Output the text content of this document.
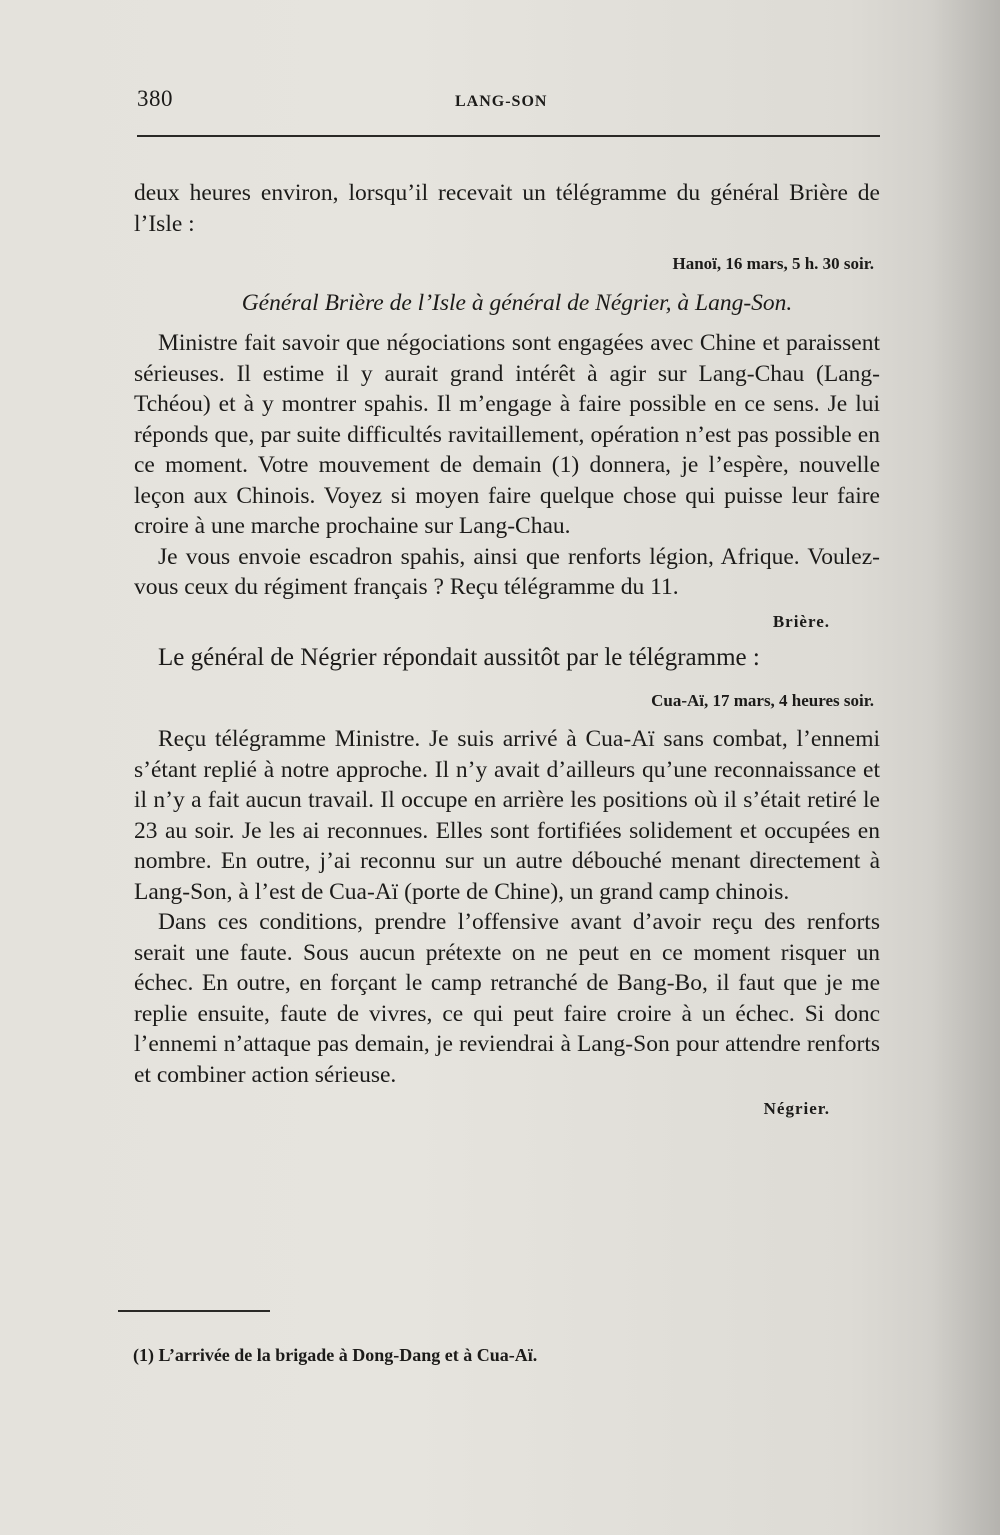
380	LANG-SON

deux heures environ, lorsqu’il recevait un télégramme du général Brière de l’Isle :

Hanoï, 16 mars, 5 h. 30 soir.

Général Brière de l’Isle à général de Négrier, à Lang-Son.

Ministre fait savoir que négociations sont engagées avec Chine et paraissent sérieuses. Il estime il y aurait grand intérêt à agir sur Lang-Chau (Lang-Tchéou) et à y montrer spahis. Il m’engage à faire possible en ce sens. Je lui réponds que, par suite difficultés ravitaillement, opération n’est pas possible en ce moment. Votre mouvement de demain (1) donnera, je l’espère, nouvelle leçon aux Chinois. Voyez si moyen faire quelque chose qui puisse leur faire croire à une marche prochaine sur Lang-Chau.

Je vous envoie escadron spahis, ainsi que renforts légion, Afrique. Voulez-vous ceux du régiment français ? Reçu télégramme du 11.

Brière.

Le général de Négrier répondait aussitôt par le télégramme :

Cua-Aï, 17 mars, 4 heures soir.

Reçu télégramme Ministre. Je suis arrivé à Cua-Aï sans combat, l’ennemi s’étant replié à notre approche. Il n’y avait d’ailleurs qu’une reconnaissance et il n’y a fait aucun travail. Il occupe en arrière les positions où il s’était retiré le 23 au soir. Je les ai reconnues. Elles sont fortifiées solidement et occupées en nombre. En outre, j’ai reconnu sur un autre débouché menant directement à Lang-Son, à l’est de Cua-Aï (porte de Chine), un grand camp chinois.

Dans ces conditions, prendre l’offensive avant d’avoir reçu des renforts serait une faute. Sous aucun prétexte on ne peut en ce moment risquer un échec. En outre, en forçant le camp retranché de Bang-Bo, il faut que je me replie ensuite, faute de vivres, ce qui peut faire croire à un échec. Si donc l’ennemi n’attaque pas demain, je reviendrai à Lang-Son pour attendre renforts et combiner action sérieuse.

Négrier.

(1) L’arrivée de la brigade à Dong-Dang et à Cua-Aï.
